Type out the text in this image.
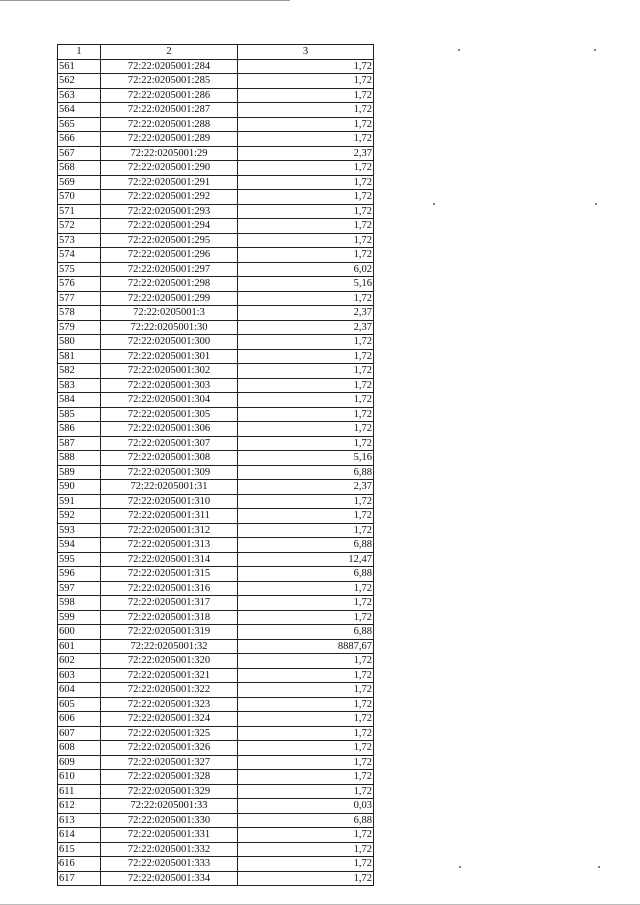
1	2	3
561	72:22:0205001:284	1,72
562	72:22:0205001:285	1,72
563	72:22:0205001:286	1,72
564	72:22:0205001:287	1,72
565	72:22:0205001:288	1,72
566	72:22:0205001:289	1,72
567	72:22:0205001:29	2,37
568	72:22:0205001:290	1,72
569	72:22:0205001:291	1,72
570	72:22:0205001:292	1,72
571	72:22:0205001:293	1,72
572	72:22:0205001:294	1,72
573	72:22:0205001:295	1,72
574	72:22:0205001:296	1,72
575	72:22:0205001:297	6,02
576	72:22:0205001:298	5,16
577	72:22:0205001:299	1,72
578	72:22:0205001:3	2,37
579	72:22:0205001:30	2,37
580	72:22:0205001:300	1,72
581	72:22:0205001:301	1,72
582	72:22:0205001:302	1,72
583	72:22:0205001:303	1,72
584	72:22:0205001:304	1,72
585	72:22:0205001:305	1,72
586	72:22:0205001:306	1,72
587	72:22:0205001:307	1,72
588	72:22:0205001:308	5,16
589	72:22:0205001:309	6,88
590	72:22:0205001:31	2,37
591	72:22:0205001:310	1,72
592	72:22:0205001:311	1,72
593	72:22:0205001:312	1,72
594	72:22:0205001:313	6,88
595	72:22:0205001:314	12,47
596	72:22:0205001:315	6,88
597	72:22:0205001:316	1,72
598	72:22:0205001:317	1,72
599	72:22:0205001:318	1,72
600	72:22:0205001:319	6,88
601	72:22:0205001:32	8887,67
602	72:22:0205001:320	1,72
603	72:22:0205001:321	1,72
604	72:22:0205001:322	1,72
605	72:22:0205001:323	1,72
606	72:22:0205001:324	1,72
607	72:22:0205001:325	1,72
608	72:22:0205001:326	1,72
609	72:22:0205001:327	1,72
610	72:22:0205001:328	1,72
611	72:22:0205001:329	1,72
612	72:22:0205001:33	0,03
613	72:22:0205001:330	6,88
614	72:22:0205001:331	1,72
615	72:22:0205001:332	1,72
616	72:22:0205001:333	1,72
617	72:22:0205001:334	1,72
